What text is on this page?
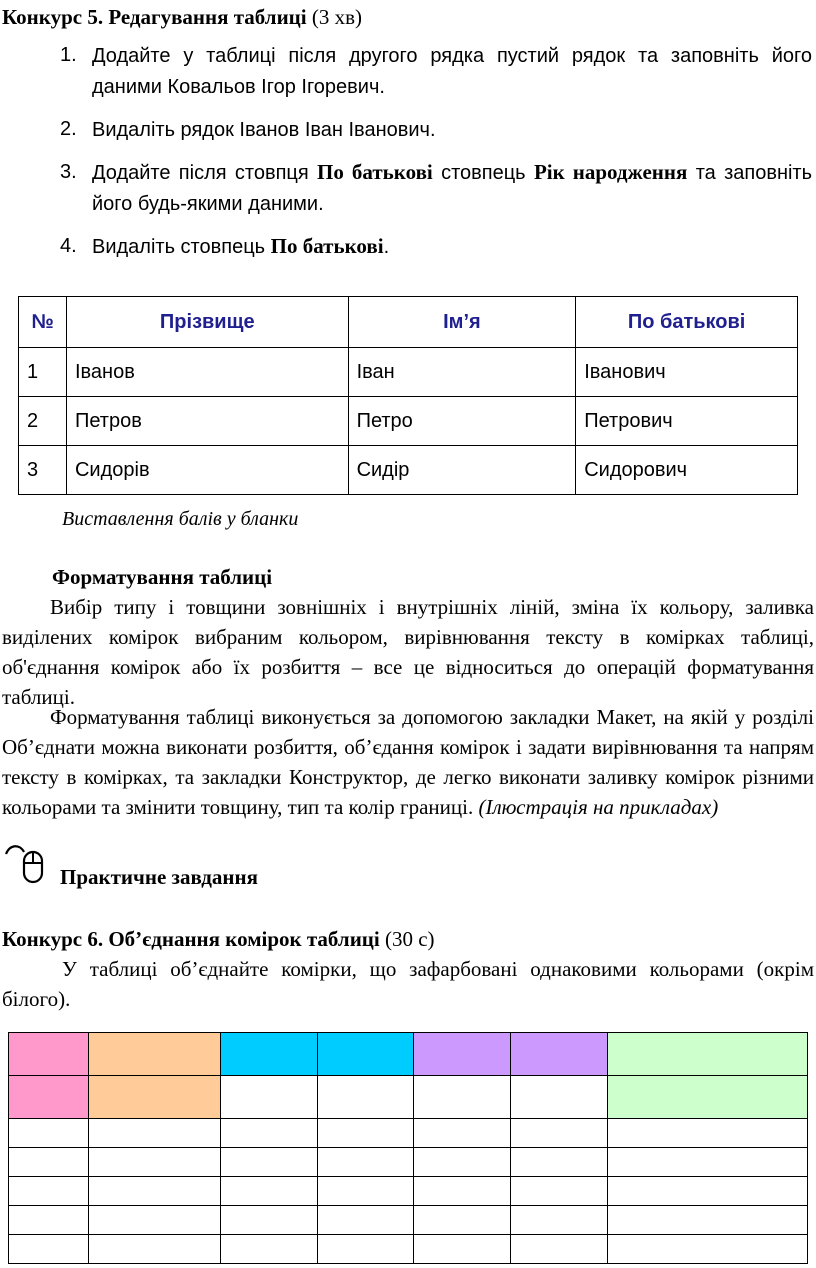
Конкурс 5. Редагування таблиці (3 хв)
1. Додайте у таблиці після другого рядка пустий рядок та заповніть його даними Ковальов Ігор Ігоревич.
2. Видаліть рядок Іванов Іван Іванович.
3. Додайте після стовпця По батькові стовпець Рік народження та заповніть його будь-якими даними.
4. Видаліть стовпець По батькові.
№	Прізвище	Ім’я	По батькові
1	Іванов	Іван	Іванович
2	Петров	Петро	Петрович
3	Сидорів	Сидір	Сидорович
Виставлення балів у бланки
Форматування таблиці

Вибір типу і товщини зовнішніх і внутрішніх ліній, зміна їх кольору, заливка виділених комірок вибраним кольором, вирівнювання тексту в комірках таблиці, об'єднання комірок або їх розбиття – все це відноситься до операцій форматування таблиці.

Форматування таблиці виконується за допомогою закладки Макет, на якій у розділі Об’єднати можна виконати розбиття, об’єдання комірок і задати вирівнювання та напрям тексту в комірках, та закладки Конструктор, де легко виконати заливку комірок різними кольорами та змінити товщину, тип та колір границі. (Ілюстрація на прикладах)

Практичне завдання
Конкурс 6. Об’єднання комірок таблиці (30 с)

У таблиці об’єднайте комірки, що зафарбовані однаковими кольорами (окрім білого).
